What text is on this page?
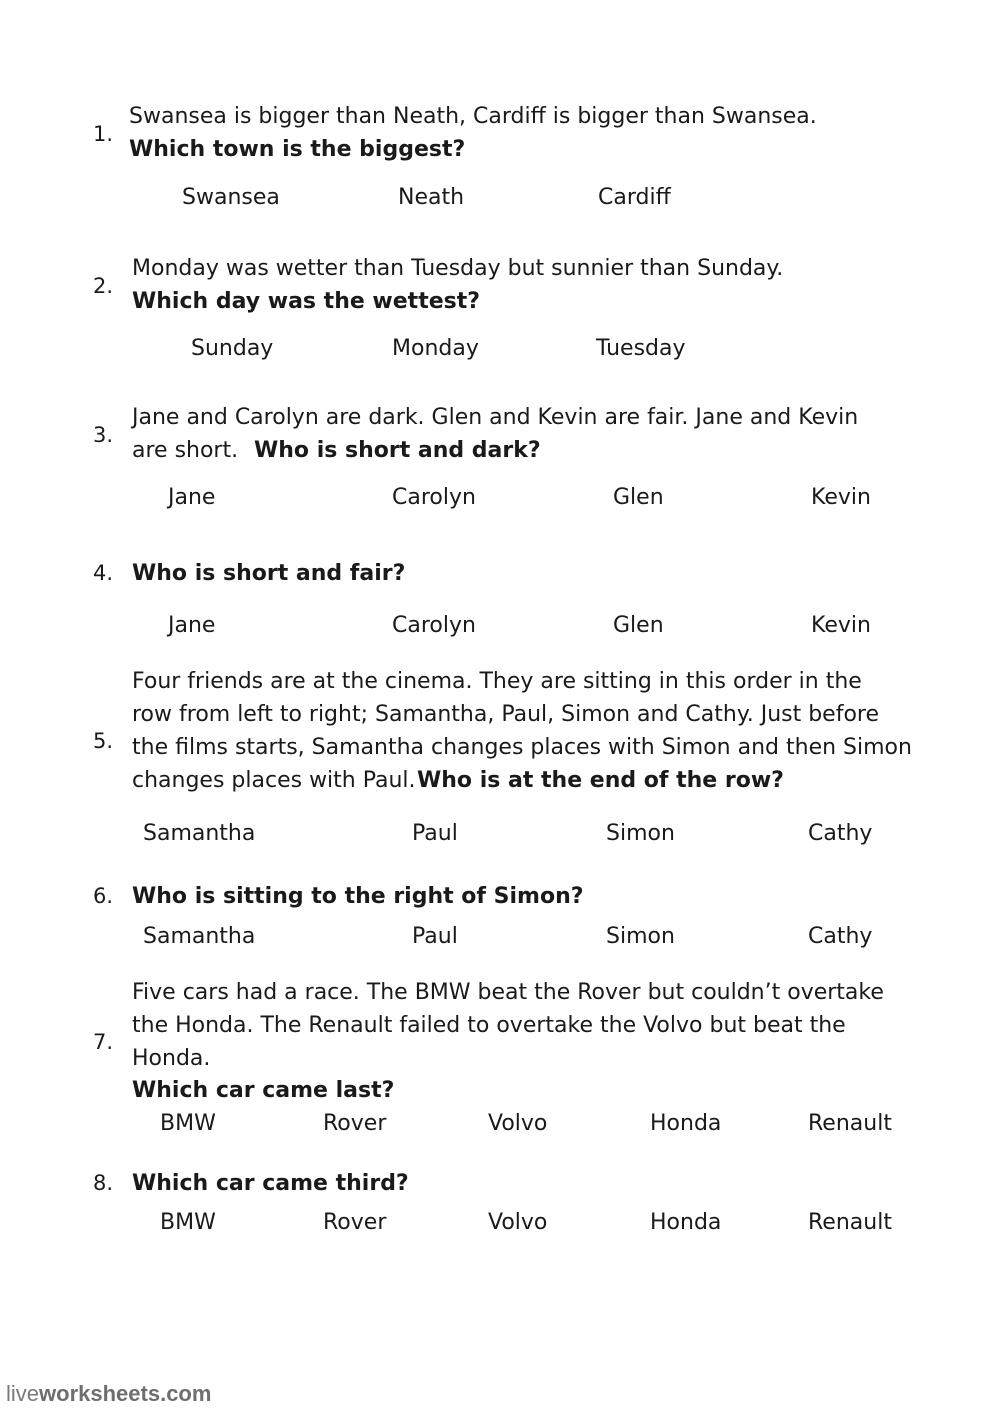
1.
Swansea is bigger than Neath, Cardiff is bigger than Swansea.
Which town is the biggest?
Swansea	Neath	Cardiff
2.
Monday was wetter than Tuesday but sunnier than Sunday.
Which day was the wettest?
Sunday	Monday	Tuesday
3.
Jane and Carolyn are dark. Glen and Kevin are fair. Jane and Kevin
are short. Who is short and dark?
Jane	Carolyn	Glen	Kevin
4. Who is short and fair?
Jane	Carolyn	Glen	Kevin
5.
Four friends are at the cinema. They are sitting in this order in the
row from left to right; Samantha, Paul, Simon and Cathy. Just before
the films starts, Samantha changes places with Simon and then Simon
changes places with Paul. Who is at the end of the row?
Samantha	Paul	Simon	Cathy
6. Who is sitting to the right of Simon?
Samantha	Paul	Simon	Cathy
7.
Five cars had a race. The BMW beat the Rover but couldn’t overtake
the Honda. The Renault failed to overtake the Volvo but beat the
Honda.
Which car came last?
BMW	Rover	Volvo	Honda	Renault
8. Which car came third?
BMW	Rover	Volvo	Honda	Renault
liveworksheets.com
